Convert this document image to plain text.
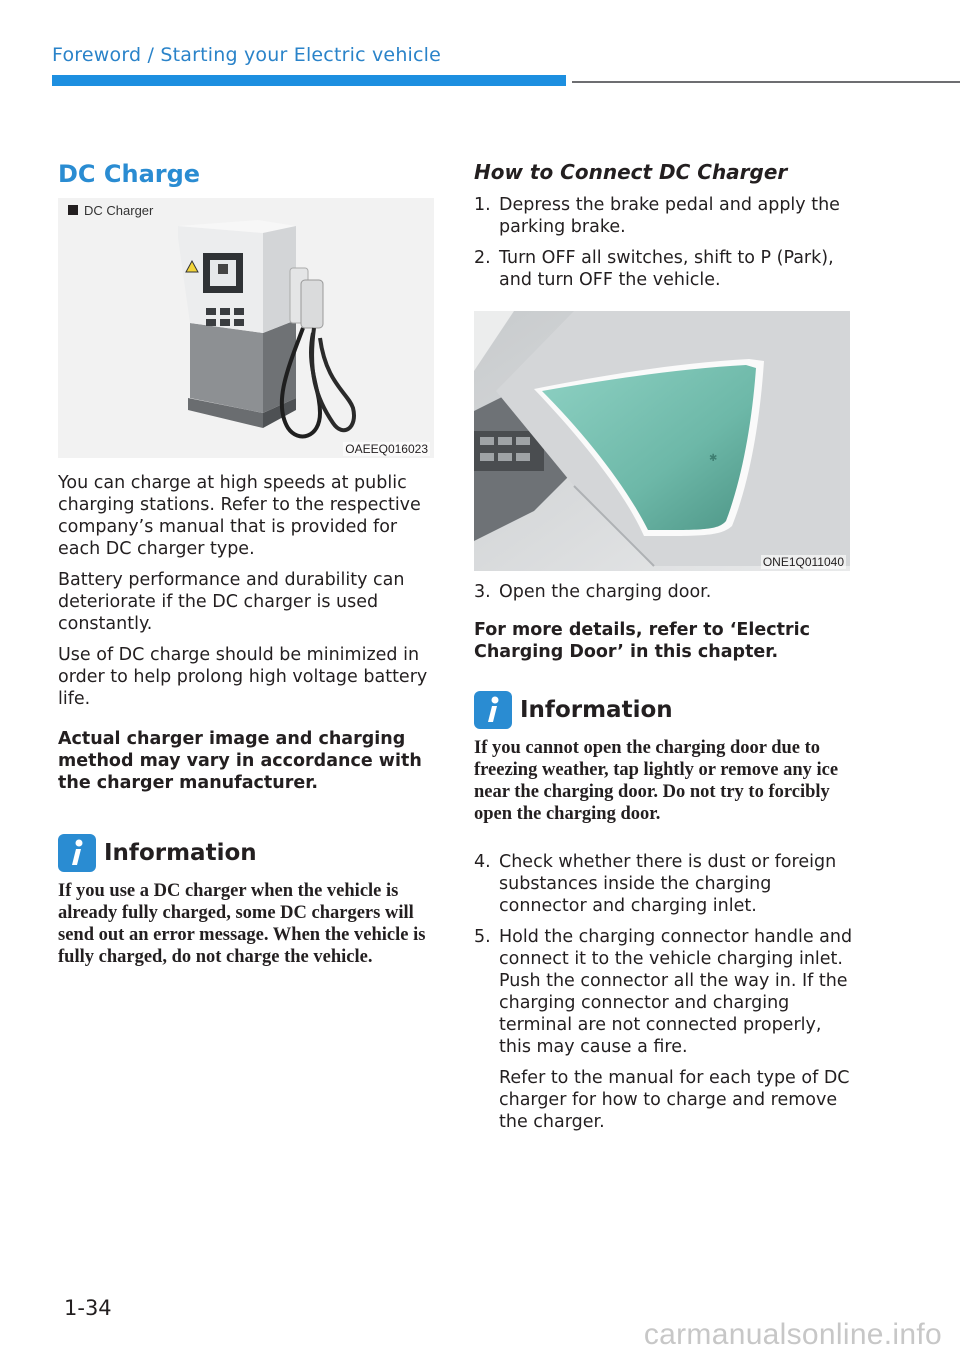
Foreword / Starting your Electric vehicle
DC Charge
DC Charger
OAEEQ016023

You can charge at high speeds at public charging stations. Refer to the respective company’s manual that is provided for each DC charger type.

Battery performance and durability can deteriorate if the DC charger is used constantly.

Use of DC charge should be minimized in order to help prolong high voltage battery life.

Actual charger image and charging method may vary in accordance with the charger manufacturer.

Information

If you use a DC charger when the vehicle is already fully charged, some DC chargers will send out an error message. When the vehicle is fully charged, do not charge the vehicle.

How to Connect DC Charger
1. Depress the brake pedal and apply the parking brake.
2. Turn OFF all switches, shift to P (Park), and turn OFF the vehicle.
✱
ONE1Q011040
3. Open the charging door.

For more details, refer to ‘Electric Charging Door’ in this chapter.

Information

If you cannot open the charging door due to freezing weather, tap lightly or remove any ice near the charging door. Do not try to forcibly open the charging door.

4. Check whether there is dust or foreign substances inside the charging connector and charging inlet.
5. Hold the charging connector handle and connect it to the vehicle charging inlet. Push the connector all the way in. If the charging connector and charging terminal are not connected properly, this may cause a fire.
Refer to the manual for each type of DC charger for how to charge and remove the charger.
1-34
carmanualsonline.info
